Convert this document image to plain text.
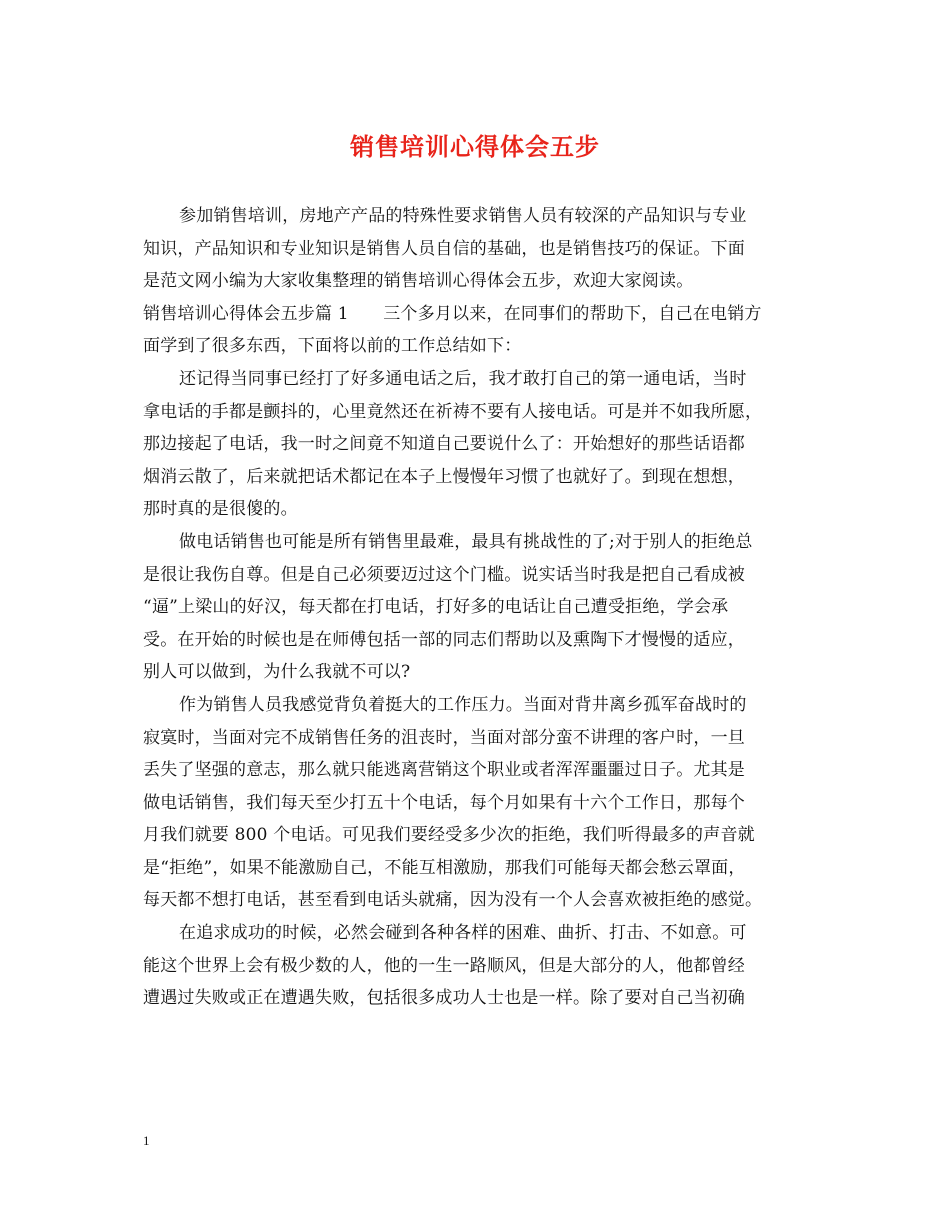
销售培训心得体会五步
参加销售培训，房地产产品的特殊性要求销售人员有较深的产品知识与专业
知识，产品知识和专业知识是销售人员自信的基础，也是销售技巧的保证。下面
是范文网小编为大家收集整理的销售培训心得体会五步，欢迎大家阅读。
销售培训心得体会五步篇 1　　三个多月以来，在同事们的帮助下，自己在电销方
面学到了很多东西，下面将以前的工作总结如下：
还记得当同事已经打了好多通电话之后，我才敢打自己的第一通电话，当时
拿电话的手都是颤抖的，心里竟然还在祈祷不要有人接电话。可是并不如我所愿，
那边接起了电话，我一时之间竟不知道自己要说什么了：开始想好的那些话语都
烟消云散了，后来就把话术都记在本子上慢慢年习惯了也就好了。到现在想想，
那时真的是很傻的。
做电话销售也可能是所有销售里最难，最具有挑战性的了;对于别人的拒绝总
是很让我伤自尊。但是自己必须要迈过这个门槛。说实话当时我是把自己看成被
“逼”上梁山的好汉，每天都在打电话，打好多的电话让自己遭受拒绝，学会承
受。在开始的时候也是在师傅包括一部的同志们帮助以及熏陶下才慢慢的适应，
别人可以做到，为什么我就不可以?
作为销售人员我感觉背负着挺大的工作压力。当面对背井离乡孤军奋战时的
寂寞时，当面对完不成销售任务的沮丧时，当面对部分蛮不讲理的客户时，一旦
丢失了坚强的意志，那么就只能逃离营销这个职业或者浑浑噩噩过日子。尤其是
做电话销售，我们每天至少打五十个电话，每个月如果有十六个工作日，那每个
月我们就要 800 个电话。可见我们要经受多少次的拒绝，我们听得最多的声音就
是“拒绝”，如果不能激励自己，不能互相激励，那我们可能每天都会愁云罩面，
每天都不想打电话，甚至看到电话头就痛，因为没有一个人会喜欢被拒绝的感觉。
在追求成功的时候，必然会碰到各种各样的困难、曲折、打击、不如意。可
能这个世界上会有极少数的人，他的一生一路顺风，但是大部分的人，他都曾经
遭遇过失败或正在遭遇失败，包括很多成功人士也是一样。除了要对自己当初确
1
